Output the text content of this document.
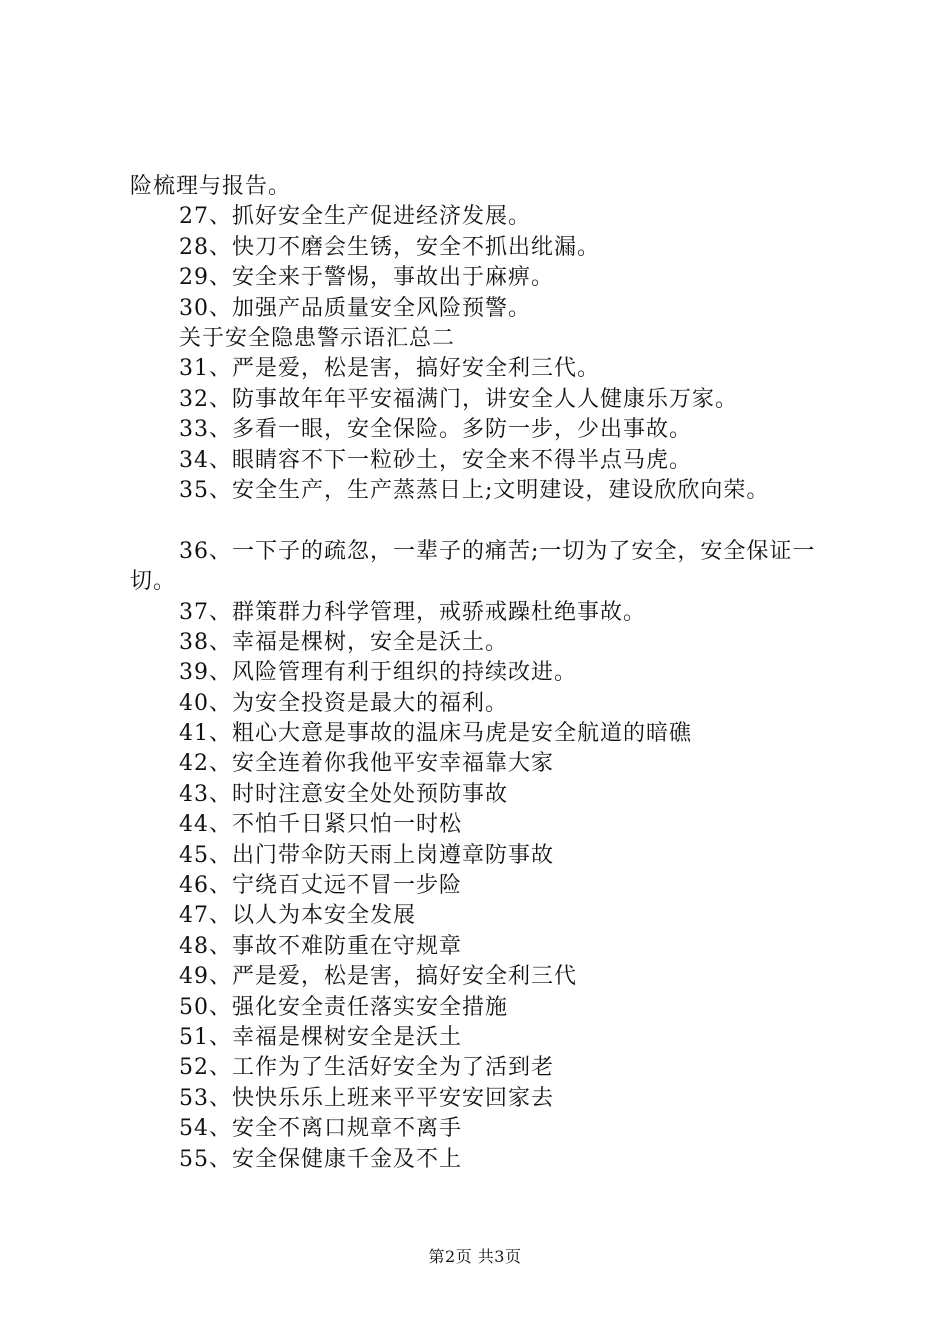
险梳理与报告。
27、抓好安全生产促进经济发展。
28、快刀不磨会生锈，安全不抓出纰漏。
29、安全来于警惕，事故出于麻痹。
30、加强产品质量安全风险预警。
关于安全隐患警示语汇总二
31、严是爱，松是害，搞好安全利三代。
32、防事故年年平安福满门，讲安全人人健康乐万家。
33、多看一眼，安全保险。多防一步，少出事故。
34、眼睛容不下一粒砂土，安全来不得半点马虎。
35、安全生产，生产蒸蒸日上;文明建设，建设欣欣向荣。
36、一下子的疏忽，一辈子的痛苦;一切为了安全，安全保证一切。
37、群策群力科学管理，戒骄戒躁杜绝事故。
38、幸福是棵树，安全是沃土。
39、风险管理有利于组织的持续改进。
40、为安全投资是最大的福利。
41、粗心大意是事故的温床马虎是安全航道的暗礁
42、安全连着你我他平安幸福靠大家
43、时时注意安全处处预防事故
44、不怕千日紧只怕一时松
45、出门带伞防天雨上岗遵章防事故
46、宁绕百丈远不冒一步险
47、以人为本安全发展
48、事故不难防重在守规章
49、严是爱，松是害，搞好安全利三代
50、强化安全责任落实安全措施
51、幸福是棵树安全是沃土
52、工作为了生活好安全为了活到老
53、快快乐乐上班来平平安安回家去
54、安全不离口规章不离手
55、安全保健康千金及不上
第2页 共3页
